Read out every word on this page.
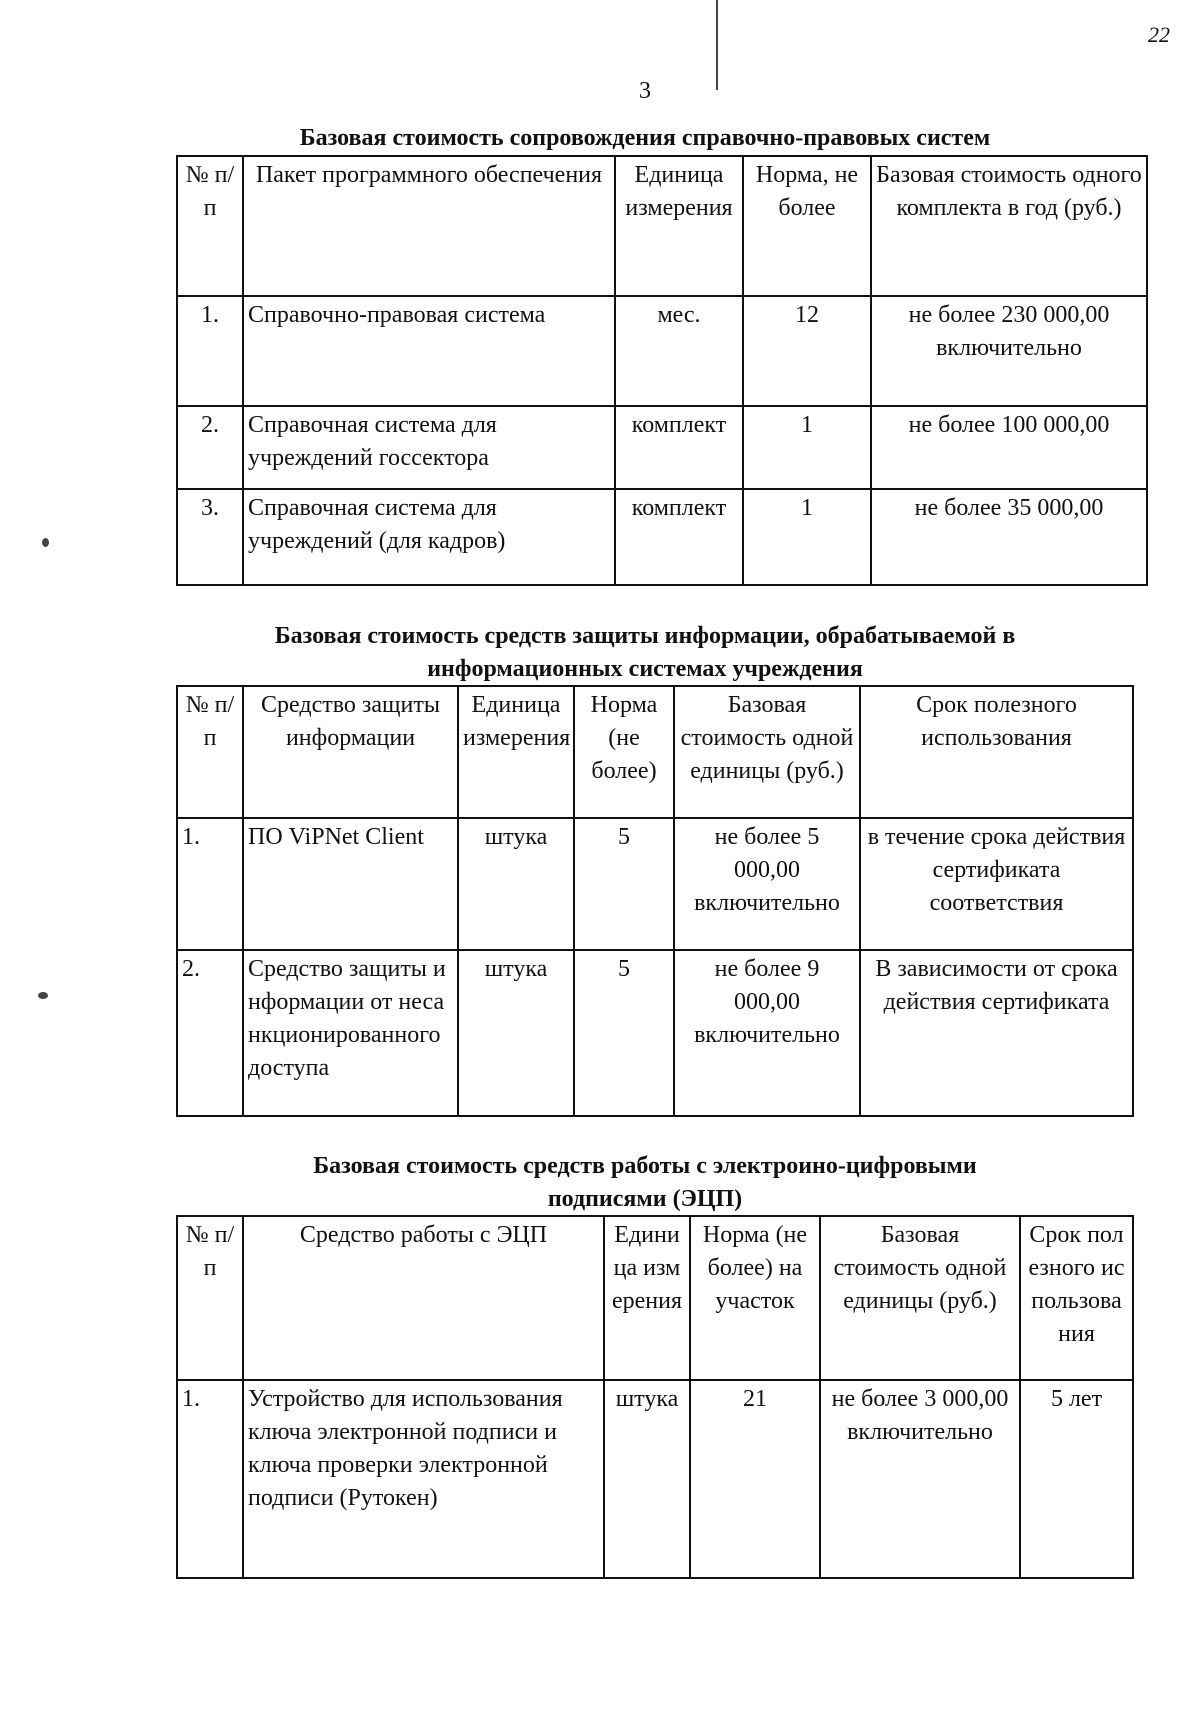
22
3
Базовая стоимость сопровождения справочно-правовых систем
№ п/п	Пакет программного обеспечения	Единица измерения	Норма, не более	Базовая стоимость одного комплекта в год (руб.)
1.	Справочно-правовая система	мес.	12	не более 230 000,00 включительно
2.	Справочная система для учреждений госсектора	комплект	1	не более 100 000,00
3.	Справочная система для учреждений (для кадров)	комплект	1	не более 35 000,00
Базовая стоимость средств защиты информации, обрабатываемой в информационных системах учреждения
№ п/п	Средство защиты информации	Единица измерения	Норма (не более)	Базовая стоимость одной единицы (руб.)	Срок полезного использования
1.	ПО ViPNet Client	штука	5	не более 5 000,00 включительно	в течение срока действия сертификата соответствия
2.	Средство защиты информации от несанкционированного доступа	штука	5	не более 9 000,00 включительно	В зависимости от срока действия сертификата
Базовая стоимость средств работы с электроино-цифровыми подписями (ЭЦП)
№ п/п	Средство работы с ЭЦП	Единица измерения	Норма (не более) на участок	Базовая стоимость одной единицы (руб.)	Срок полезного использования
1.	Устройство для использования ключа электронной подписи и ключа проверки электронной подписи (Рутокен)	штука	21	не более 3 000,00 включительно	5 лет
